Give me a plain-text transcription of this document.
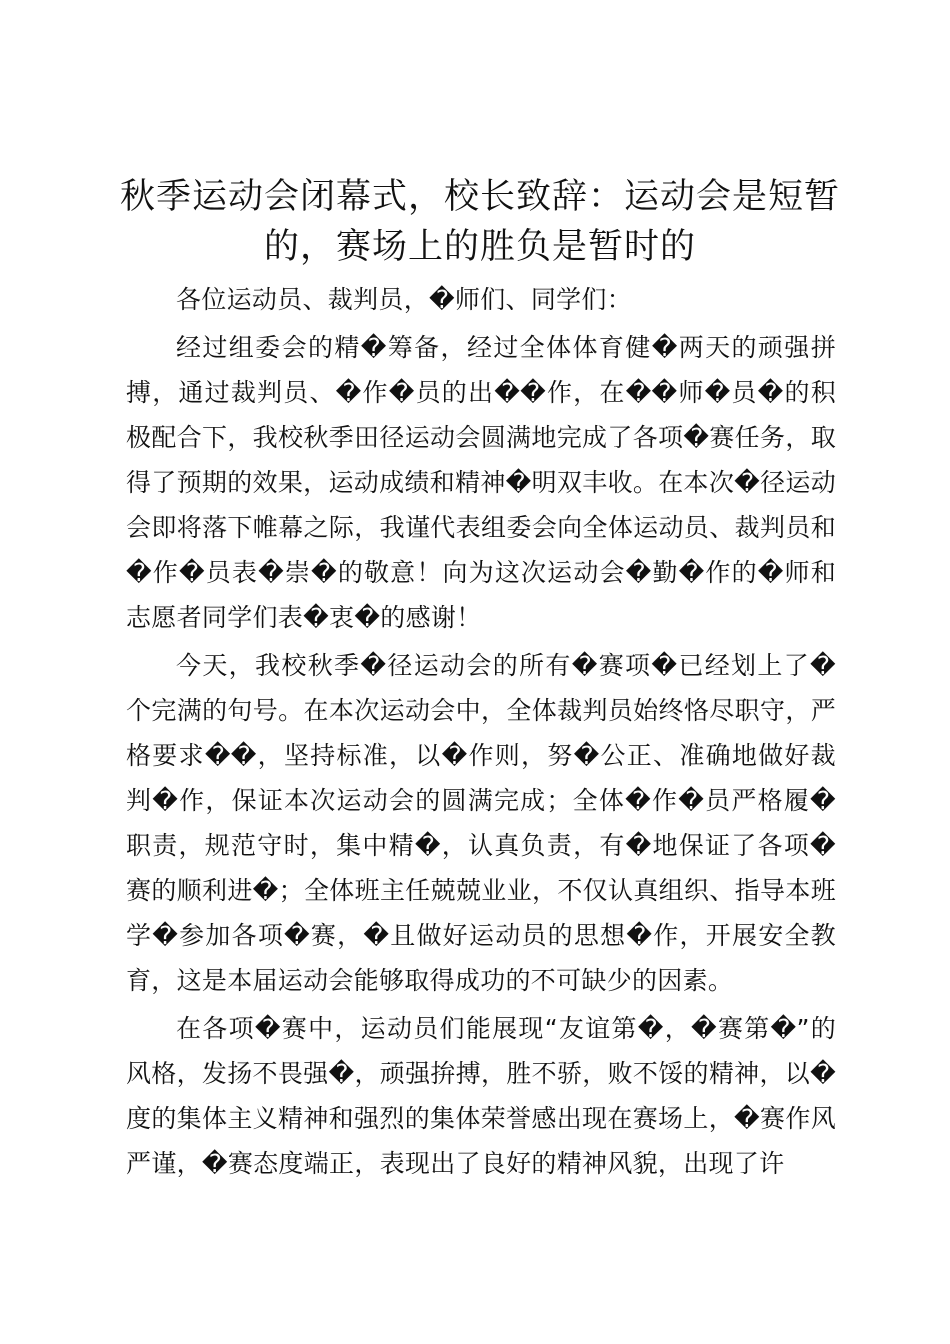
秋季运动会闭幕式，校长致辞：运动会是短暂的，赛场上的胜负是暂时的

各位运动员、裁判员，�师们、同学们：

经过组委会的精�筹备，经过全体体育健�两天的顽强拼搏，通过裁判员、�作�员的出��作，在��师�员�的积极配合下，我校秋季田径运动会圆满地完成了各项�赛任务，取得了预期的效果，运动成绩和精神�明双丰收。在本次�径运动会即将落下帷幕之际，我谨代表组委会向全体运动员、裁判员和�作�员表�崇�的敬意！向为这次运动会�勤�作的�师和志愿者同学们表�衷�的感谢！

今天，我校秋季�径运动会的所有�赛项�已经划上了�个完满的句号。在本次运动会中，全体裁判员始终恪尽职守，严格要求��，坚持标准，以�作则，努�公正、准确地做好裁判�作，保证本次运动会的圆满完成；全体�作�员严格履�职责，规范守时，集中精�，认真负责，有�地保证了各项�赛的顺利进�；全体班主任兢兢业业，不仅认真组织、指导本班学�参加各项�赛，�且做好运动员的思想�作，开展安全教育，这是本届运动会能够取得成功的不可缺少的因素。

在各项�赛中，运动员们能展现“友谊第�，�赛第�”的风格，发扬不畏强�，顽强拚搏，胜不骄，败不馁的精神，以�度的集体主义精神和强烈的集体荣誉感出现在赛场上，�赛作风严谨，�赛态度端正，表现出了良好的精神风貌，出现了许
